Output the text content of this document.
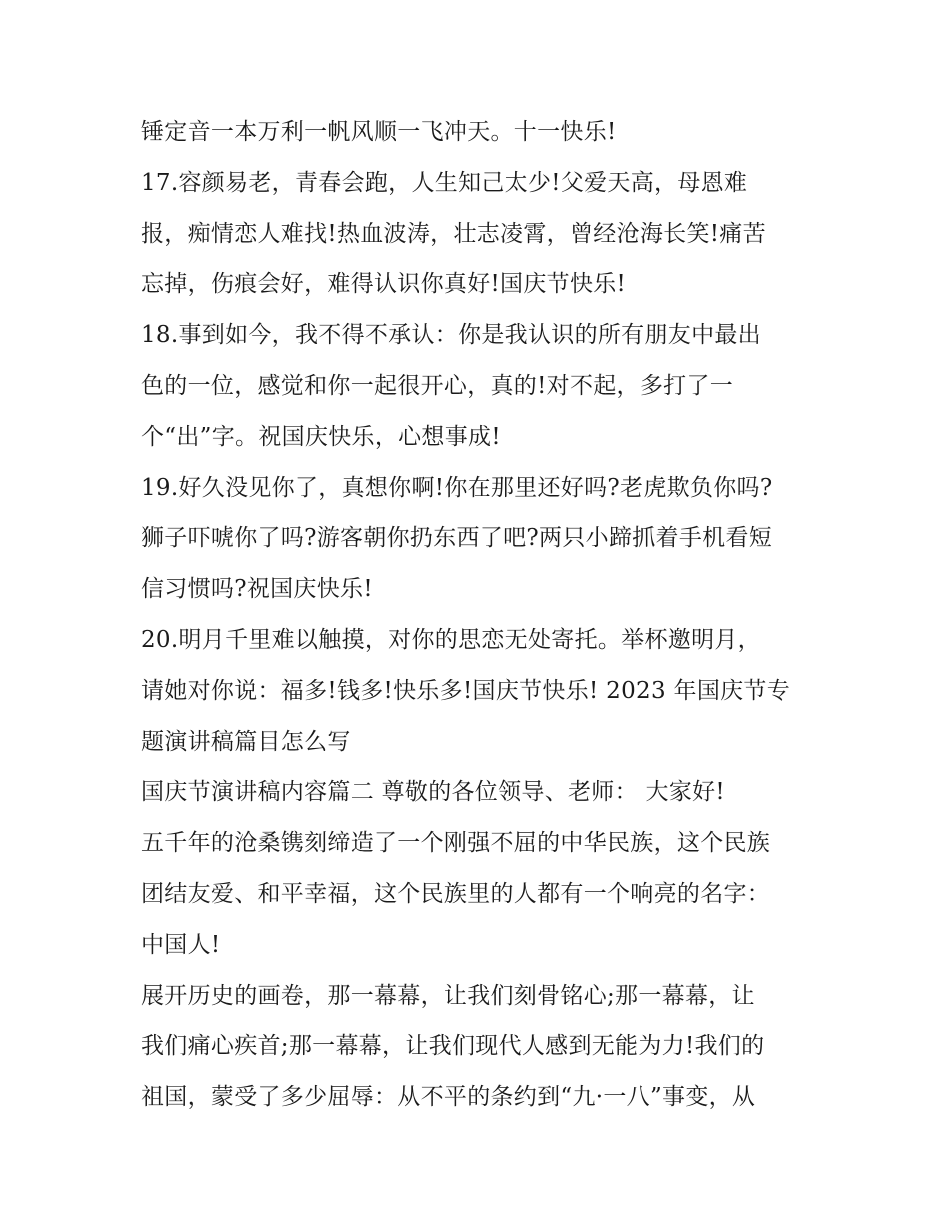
锤定音一本万利一帆风顺一飞冲天。十一快乐!
17.容颜易老，青春会跑，人生知己太少!父爱天高，母恩难
报，痴情恋人难找!热血波涛，壮志凌霄，曾经沧海长笑!痛苦
忘掉，伤痕会好，难得认识你真好!国庆节快乐!
18.事到如今，我不得不承认：你是我认识的所有朋友中最出
色的一位，感觉和你一起很开心，真的!对不起，多打了一
个“出”字。祝国庆快乐，心想事成!
19.好久没见你了，真想你啊!你在那里还好吗?老虎欺负你吗?
狮子吓唬你了吗?游客朝你扔东西了吧?两只小蹄抓着手机看短
信习惯吗?祝国庆快乐!
20.明月千里难以触摸，对你的思恋无处寄托。举杯邀明月，
请她对你说：福多!钱多!快乐多!国庆节快乐! 2023 年国庆节专
题演讲稿篇目怎么写
国庆节演讲稿内容篇二 尊敬的各位领导、老师： 大家好!
五千年的沧桑镌刻缔造了一个刚强不屈的中华民族，这个民族
团结友爱、和平幸福，这个民族里的人都有一个响亮的名字：
中国人!
展开历史的画卷，那一幕幕，让我们刻骨铭心;那一幕幕，让
我们痛心疾首;那一幕幕，让我们现代人感到无能为力!我们的
祖国，蒙受了多少屈辱：从不平的条约到“九·一八”事变，从
